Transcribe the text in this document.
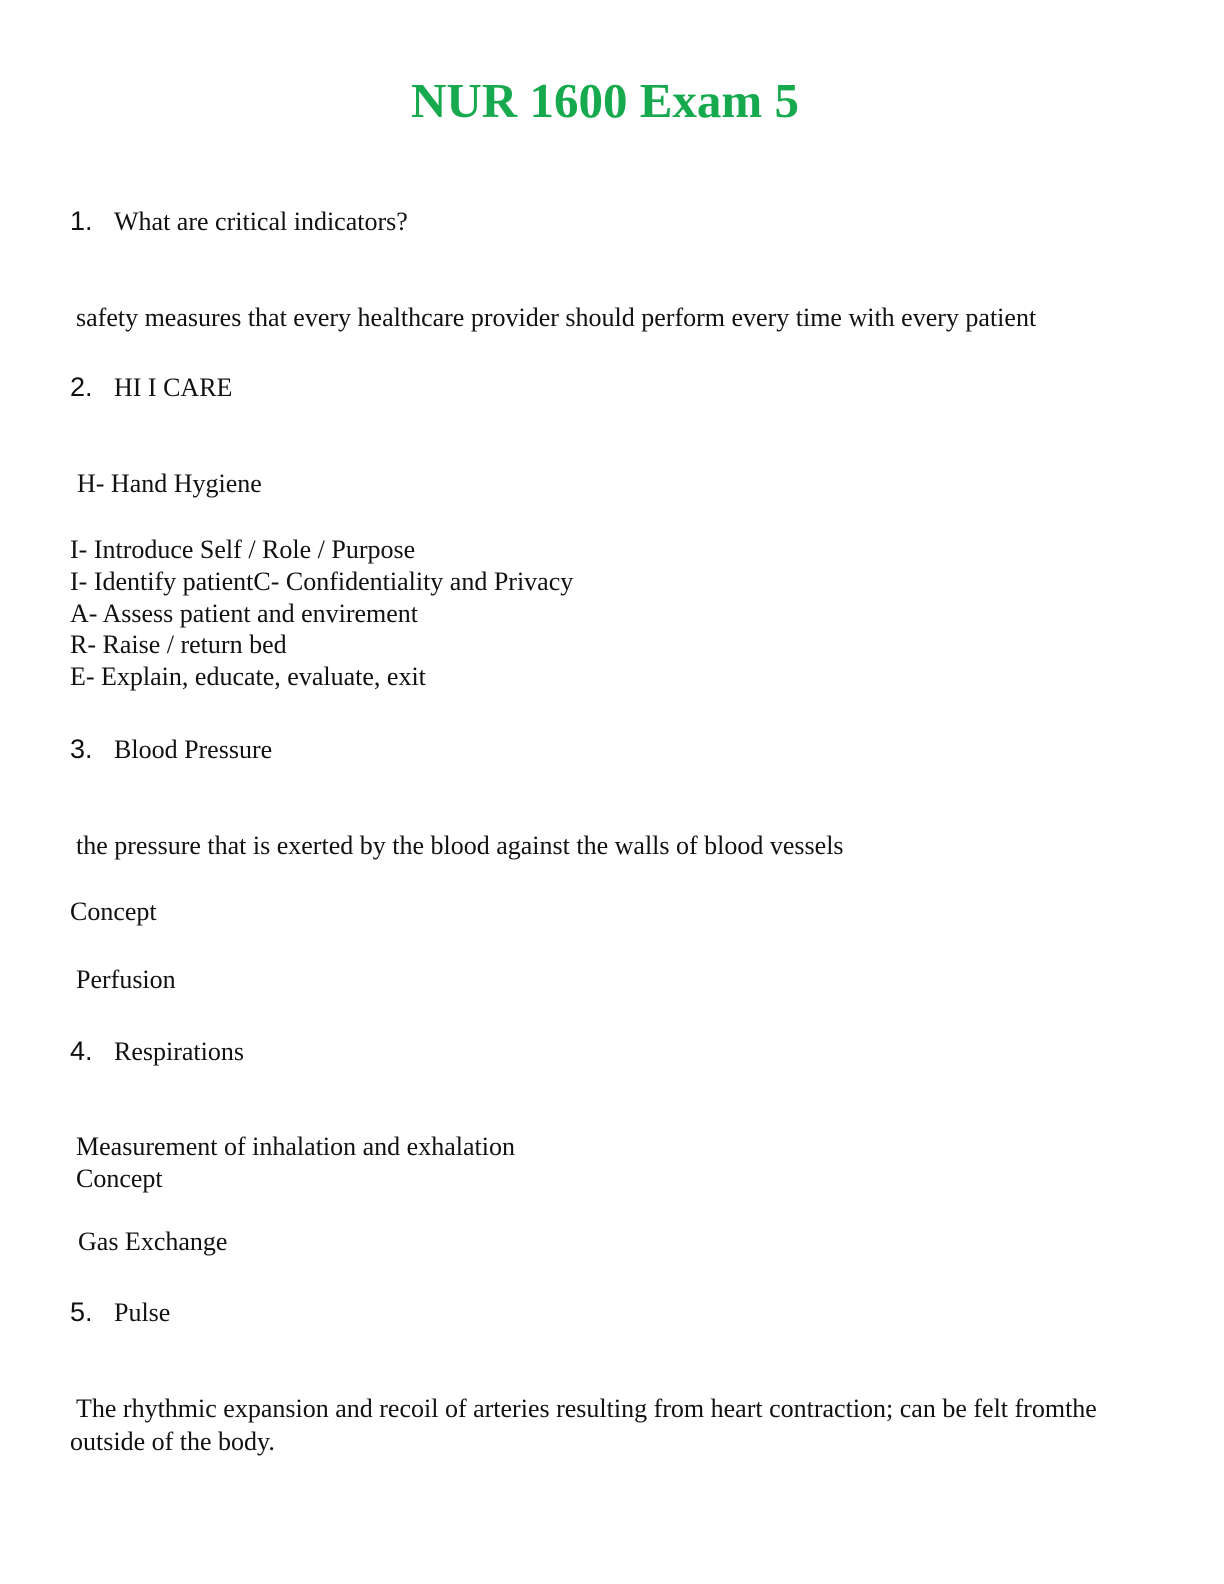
NUR 1600 Exam 5
1. What are critical indicators?
safety measures that every healthcare provider should perform every time with every patient
2. HI I CARE
H- Hand Hygiene
I- Introduce Self / Role / Purpose
I- Identify patientC- Confidentiality and Privacy
A- Assess patient and envirement
R- Raise / return bed
E- Explain, educate, evaluate, exit
3. Blood Pressure
the pressure that is exerted by the blood against the walls of blood vessels
Concept
Perfusion
4. Respirations
Measurement of inhalation and exhalation
Concept
Gas Exchange
5. Pulse
The rhythmic expansion and recoil of arteries resulting from heart contraction; can be felt fromthe outside of the body.
